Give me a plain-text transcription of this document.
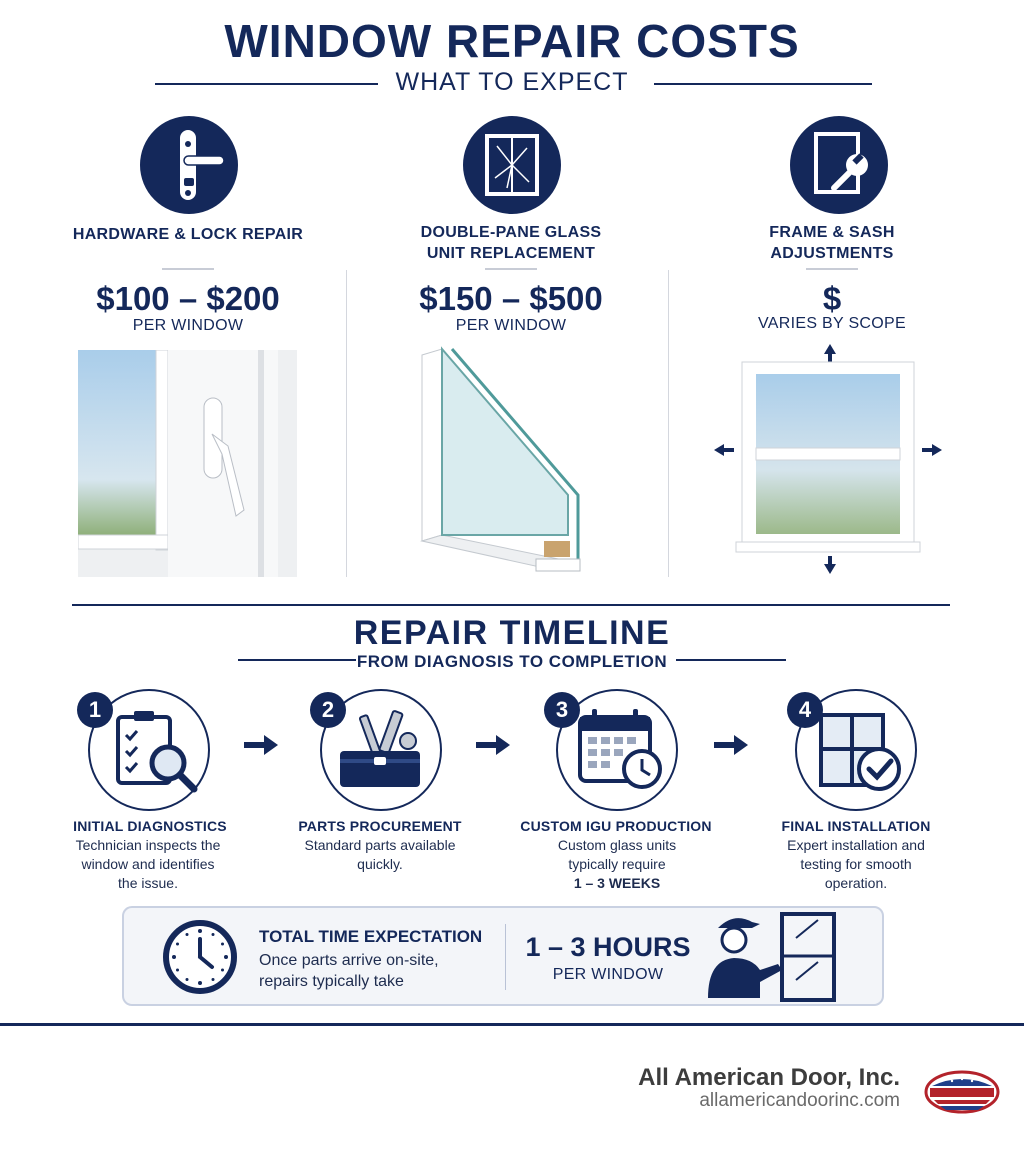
WINDOW REPAIR COSTS
WHAT TO EXPECT
HARDWARE & LOCK REPAIR
$100 – $200
PER WINDOW
DOUBLE-PANE GLASS
UNIT REPLACEMENT
$150 – $500
PER WINDOW
FRAME & SASH
ADJUSTMENTS
$
VARIES BY SCOPE
REPAIR TIMELINE
FROM DIAGNOSIS TO COMPLETION
1
INITIAL DIAGNOSTICS
Technician inspects the
window and identifies
the issue.
2
PARTS PROCUREMENT
Standard parts available
quickly.
3
CUSTOM IGU PRODUCTION
Custom glass units
typically require
1 – 3 WEEKS
4
FINAL INSTALLATION
Expert installation and
testing for smooth
operation.
TOTAL TIME EXPECTATION
Once parts arrive on-site,
repairs typically take
1 – 3 HOURS
PER WINDOW
All American Door, Inc.
allamericandoorinc.com
